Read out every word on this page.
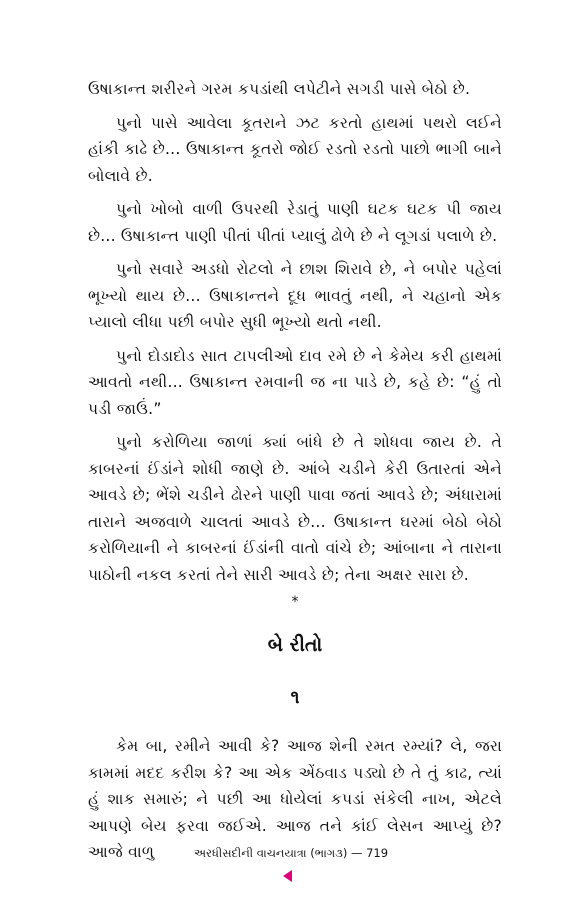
ઉષાકાન્ત શરીરને ગરમ કપડાંથી લપેટીને સગડી પાસે બેઠો છે.

પુનો પાસે આવેલા કૂતરાને ઝટ કરતો હાથમાં પથરો લઈને હાંકી કાઢે છે... ઉષાકાન્ત કૂતરો જોઈ રડતો રડતો પાછો ભાગી બાને બોલાવે છે.

પુનો ખોબો વાળી ઉપરથી રેડાતું પાણી ઘટક ઘટક પી જાય છે... ઉષાકાન્ત પાણી પીતાં પીતાં પ્યાલું ઢોળે છે ને લૂગડાં પલાળે છે.

પુનો સવારે અડધો રોટલો ને છાશ શિરાવે છે, ને બપોર પહેલાં ભૂખ્યો થાય છે... ઉષાકાન્તને દૂધ ભાવતું નથી, ને ચહાનો એક પ્યાલો લીધા પછી બપોર સુધી ભૂખ્યો થતો નથી.

પુનો દોડાદોડ સાત ટાપલીઓ દાવ રમે છે ને કેમેય કરી હાથમાં આવતો નથી... ઉષાકાન્ત રમવાની જ ના પાડે છે, કહે છે: “હું તો પડી જાઉં.”

પુનો કરોળિયા જાળાં ક્યાં બાંધે છે તે શોધવા જાય છે. તે કાબરનાં ઈંડાંને શોધી જાણે છે. આંબે ચડીને કેરી ઉતારતાં એને આવડે છે; ભેંશે ચડીને ઢોરને પાણી પાવા જતાં આવડે છે; અંધારામાં તારાને અજવાળે ચાલતાં આવડે છે... ઉષાકાન્ત ઘરમાં બેઠો બેઠો કરોળિયાની ને કાબરનાં ઈંડાંની વાતો વાંચે છે; આંબાના ને તારાના પાઠોની નકલ કરતાં તેને સારી આવડે છે; તેના અક્ષર સારા છે.

*
બે રીતો
૧

કેમ બા, રમીને આવી કે? આજ શેની રમત રમ્યાં? લે, જરા કામમાં મદદ કરીશ કે? આ એક એંઠવાડ પડ્યો છે તે તું કાઢ, ત્યાં હું શાક સમારું; ને પછી આ ધોયેલાં કપડાં સંકેલી નાખ, એટલે આપણે બેય ફરવા જઈએ. આજ તને કાંઈ લેસન આપ્યું છે? આજે વાળુ	અરધીસદીની વાચનયાત્રા (ભાગ૩) — 719
